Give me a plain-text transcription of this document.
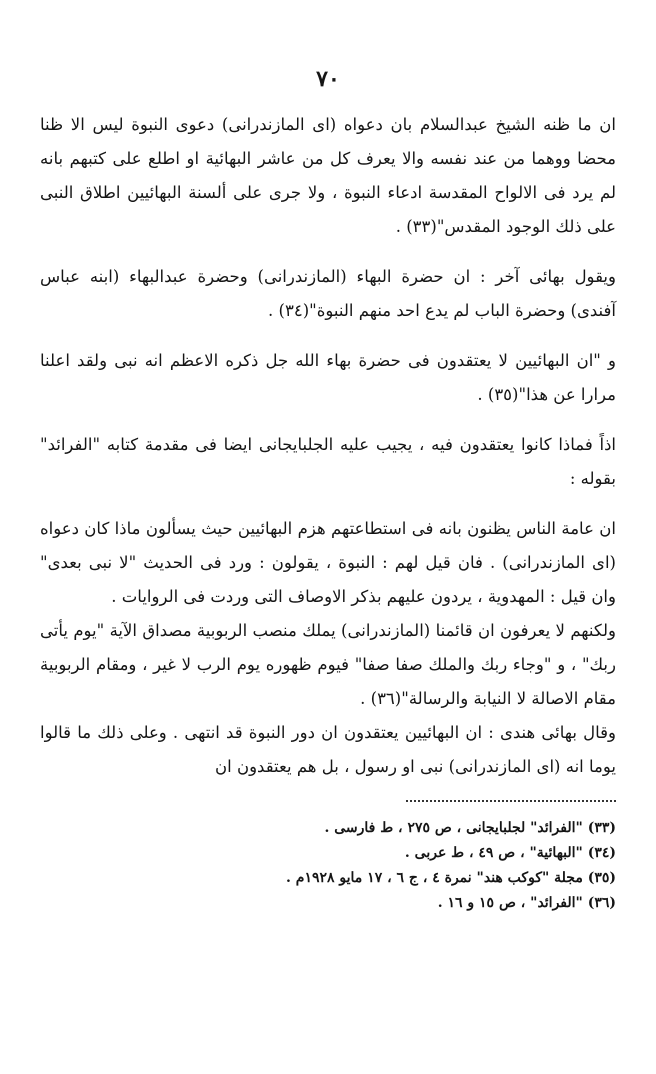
٧٠

ان ما ظنه الشيخ عبدالسلام بان دعواه (اى المازندرانى) دعوى النبوة ليس الا ظنا محضا ووهما من عند نفسه والا يعرف كل من عاشر البهائية او اطلع على كتبهم بانه لم يرد فى الالواح المقدسة ادعاء النبوة ، ولا جرى على ألسنة البهائيين اطلاق النبى على ذلك الوجود المقدس"(٣٣) .

ويقول بهائى آخر : ان حضرة البهاء (المازندرانى) وحضرة عبدالبهاء (ابنه عباس آفندى) وحضرة الباب لم يدع احد منهم النبوة"(٣٤) .

و "ان البهائيين لا يعتقدون فى حضرة بهاء الله جل ذكره الاعظم انه نبى ولقد اعلنا مرارا عن هذا"(٣٥) .

اذاً فماذا كانوا يعتقدون فيه ، يجيب عليه الجلبايجانى ايضا فى مقدمة كتابه "الفرائد" بقوله :

ان عامة الناس يظنون بانه فى استطاعتهم هزم البهائيين حيث يسألون ماذا كان دعواه (اى المازندرانى) . فان قيل لهم : النبوة ، يقولون : ورد فى الحديث "لا نبى بعدى" وان قيل : المهدوية ، يردون عليهم بذكر الاوصاف التى وردت فى الروايات .

ولكنهم لا يعرفون ان قائمنا (المازندرانى) يملك منصب الربوبية مصداق الآية "يوم يأتى ربك" ، و "وجاء ربك والملك صفا صفا" فيوم ظهوره يوم الرب لا غير ، ومقام الربوبية مقام الاصالة لا النيابة والرسالة"(٣٦) .

وقال بهائى هندى : ان البهائيين يعتقدون ان دور النبوة قد انتهى . وعلى ذلك ما قالوا يوما انه (اى المازندرانى) نبى او رسول ، بل هم يعتقدون ان

(٣٣) "الفرائد" لجلبايجانى ، ص ٢٧٥ ، ط فارسى .

(٣٤) "البهائية" ، ص ٤٩ ، ط عربى .

(٣٥) مجلة "كوكب هند" نمرة ٤ ، ج ٦ ، ١٧ مايو ١٩٢٨م .

(٣٦) "الفرائد" ، ص ١٥ و ١٦ .
